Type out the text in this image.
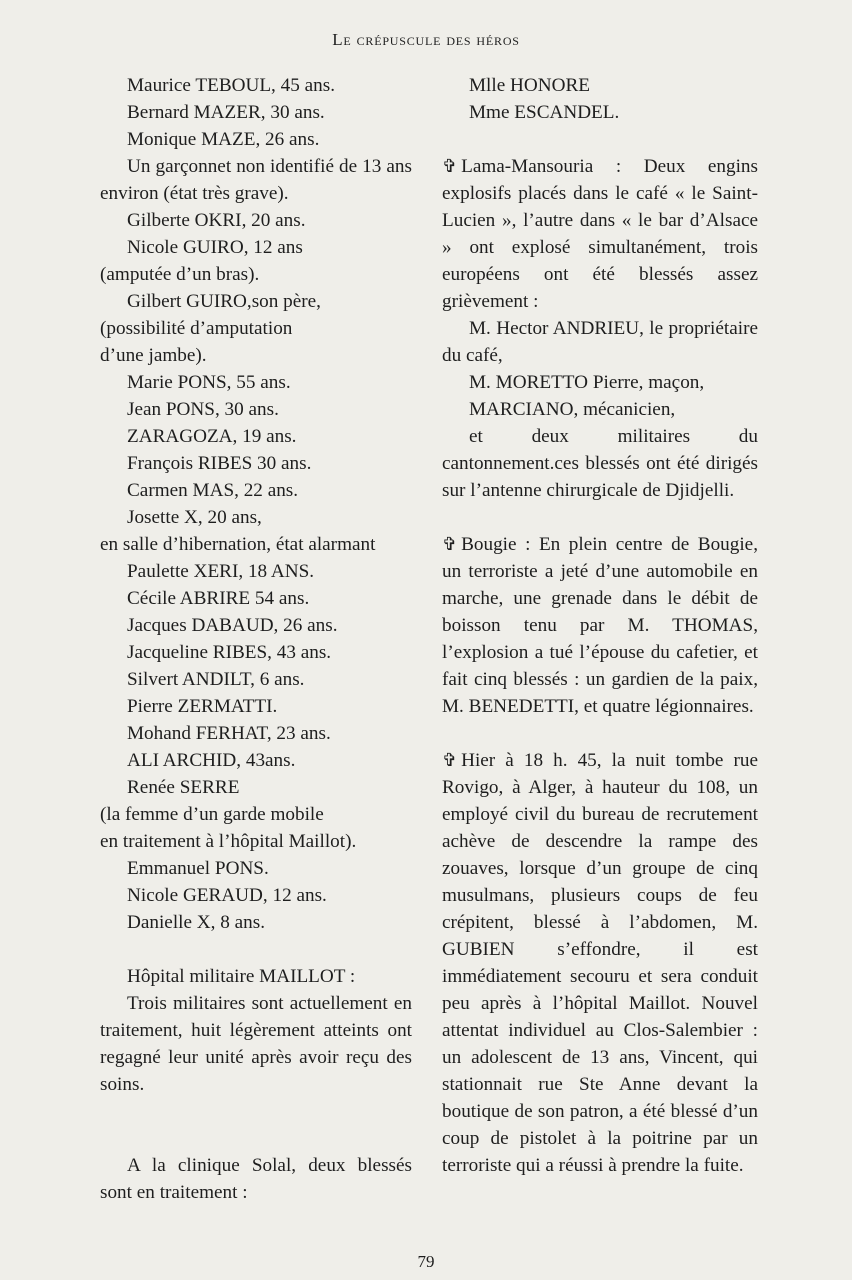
Le crépuscule des héros
Maurice TEBOUL, 45 ans.
Bernard MAZER, 30 ans.
Monique MAZE, 26 ans.
Un garçonnet non identifié de 13 ans environ (état très grave).
Gilberte OKRI, 20 ans.
Nicole GUIRO, 12 ans
(amputée d’un bras).
Gilbert GUIRO,son père,
(possibilité d’amputation
d’une jambe).
Marie PONS, 55 ans.
Jean PONS, 30 ans.
ZARAGOZA, 19 ans.
François RIBES 30 ans.
Carmen MAS, 22 ans.
Josette X, 20 ans,
en salle d’hibernation, état alarmant
Paulette XERI, 18 ANS.
Cécile ABRIRE 54 ans.
Jacques DABAUD, 26 ans.
Jacqueline RIBES, 43 ans.
Silvert ANDILT, 6 ans.
Pierre ZERMATTI.
Mohand FERHAT, 23 ans.
ALI ARCHID, 43ans.
Renée SERRE
(la femme d’un garde mobile
en traitement à l’hôpital Maillot).
Emmanuel PONS.
Nicole GERAUD, 12 ans.
Danielle X, 8 ans.
Hôpital militaire MAILLOT :
Trois militaires sont actuellement en traitement, huit légèrement atteints ont regagné leur unité après avoir reçu des soins.
A la clinique Solal, deux blessés sont en traitement :
Mlle HONORE
Mme ESCANDEL.
✞ Lama-Mansouria : Deux engins explosifs placés dans le café « le Saint-Lucien », l’autre dans « le bar d’Alsace » ont explosé simultanément, trois européens ont été blessés assez grièvement :
M. Hector ANDRIEU, le propriétaire du café,
M. MORETTO Pierre, maçon,
MARCIANO, mécanicien,
et deux militaires du cantonnement.ces blessés ont été dirigés sur l’antenne chirurgicale de Djidjelli.
✞ Bougie : En plein centre de Bougie, un terroriste a jeté d’une automobile en marche, une grenade dans le débit de boisson tenu par M. THOMAS, l’explosion a tué l’épouse du cafetier, et fait cinq blessés : un gardien de la paix, M. BENEDETTI, et quatre légionnaires.
✞ Hier à 18 h. 45, la nuit tombe rue Rovigo, à Alger, à hauteur du 108, un employé civil du bureau de recrutement achève de descendre la rampe des zouaves, lorsque d’un groupe de cinq musulmans, plusieurs coups de feu crépitent, blessé à l’abdomen, M. GUBIEN s’effondre, il est immédiatement secouru et sera conduit peu après à l’hôpital Maillot. Nouvel attentat individuel au Clos-Salembier : un adolescent de 13 ans, Vincent, qui stationnait rue Ste Anne devant la boutique de son patron, a été blessé d’un coup de pistolet à la poitrine par un terroriste qui a réussi à prendre la fuite.
79
